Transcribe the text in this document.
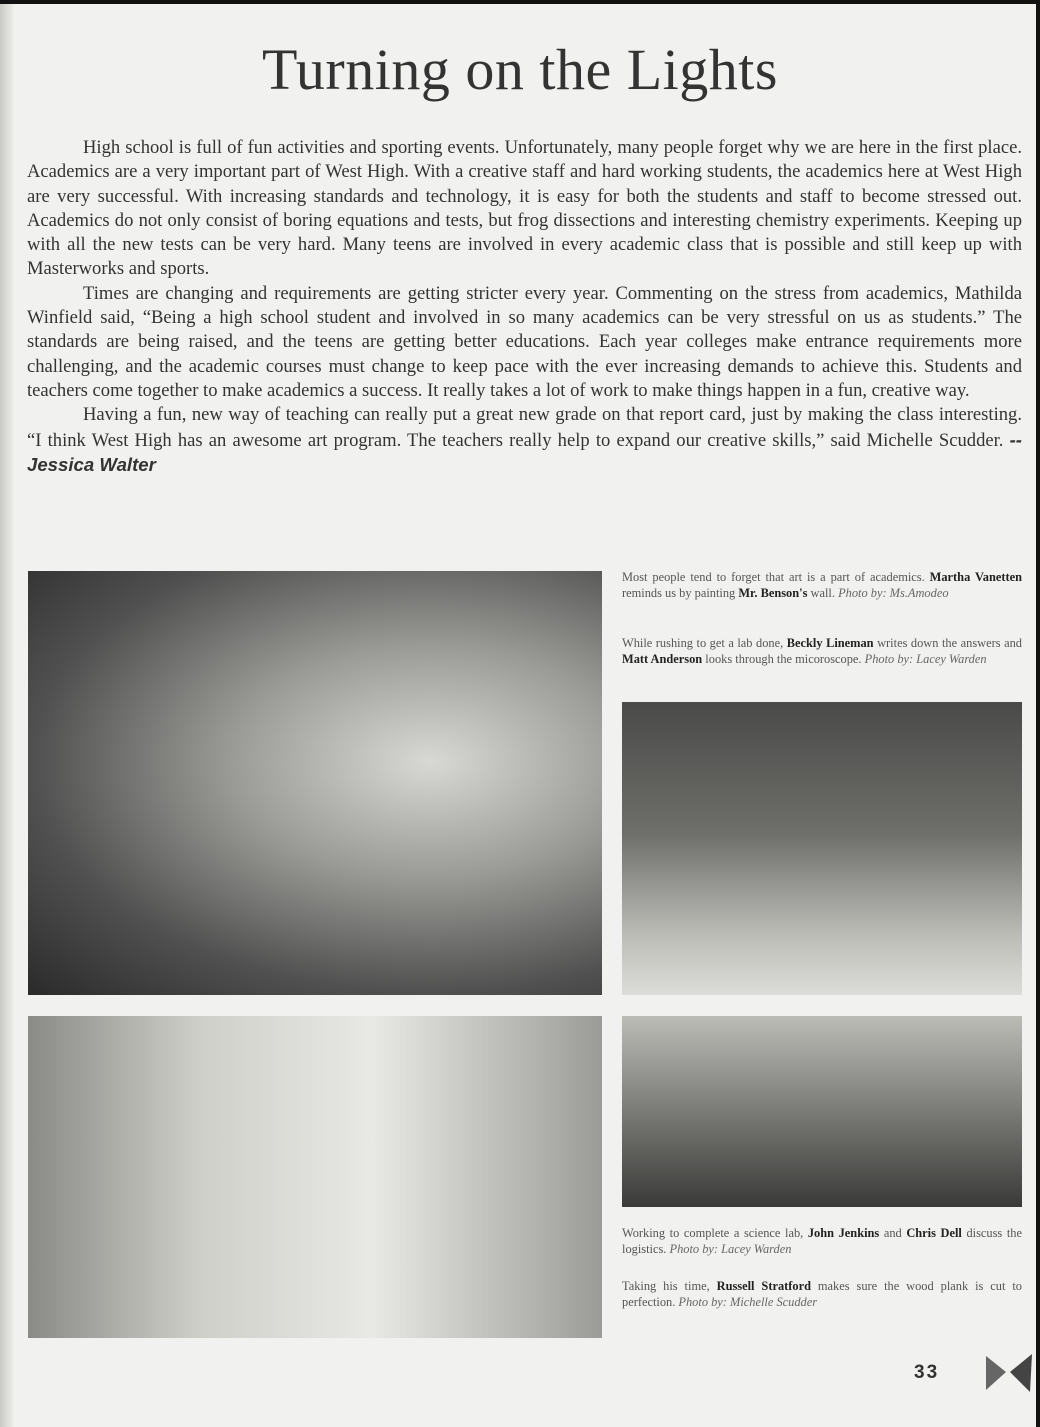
Turning on the Lights

High school is full of fun activities and sporting events. Unfortunately, many people forget why we are here in the first place. Academics are a very important part of West High. With a creative staff and hard working students, the academics here at West High are very successful. With increasing standards and technology, it is easy for both the students and staff to become stressed out. Academics do not only consist of boring equations and tests, but frog dissections and interesting chemistry experiments. Keeping up with all the new tests can be very hard. Many teens are involved in every academic class that is possible and still keep up with Masterworks and sports.

Times are changing and requirements are getting stricter every year. Commenting on the stress from academics, Mathilda Winfield said, “Being a high school student and involved in so many academics can be very stressful on us as students.” The standards are being raised, and the teens are getting better educations. Each year colleges make entrance requirements more challenging, and the academic courses must change to keep pace with the ever increasing demands to achieve this. Students and teachers come together to make academics a success. It really takes a lot of work to make things happen in a fun, creative way.

Having a fun, new way of teaching can really put a great new grade on that report card, just by making the class interesting. “I think West High has an awesome art program. The teachers really help to expand our creative skills,” said Michelle Scudder. --Jessica Walter

Most people tend to forget that art is a part of academics. Martha Vanetten reminds us by painting Mr. Benson's wall. Photo by: Ms.Amodeo
While rushing to get a lab done, Beckly Lineman writes down the answers and Matt Anderson looks through the micoroscope. Photo by: Lacey Warden
Working to complete a science lab, John Jenkins and Chris Dell discuss the logistics. Photo by: Lacey Warden
Taking his time, Russell Stratford makes sure the wood plank is cut to perfection. Photo by: Michelle Scudder
33
